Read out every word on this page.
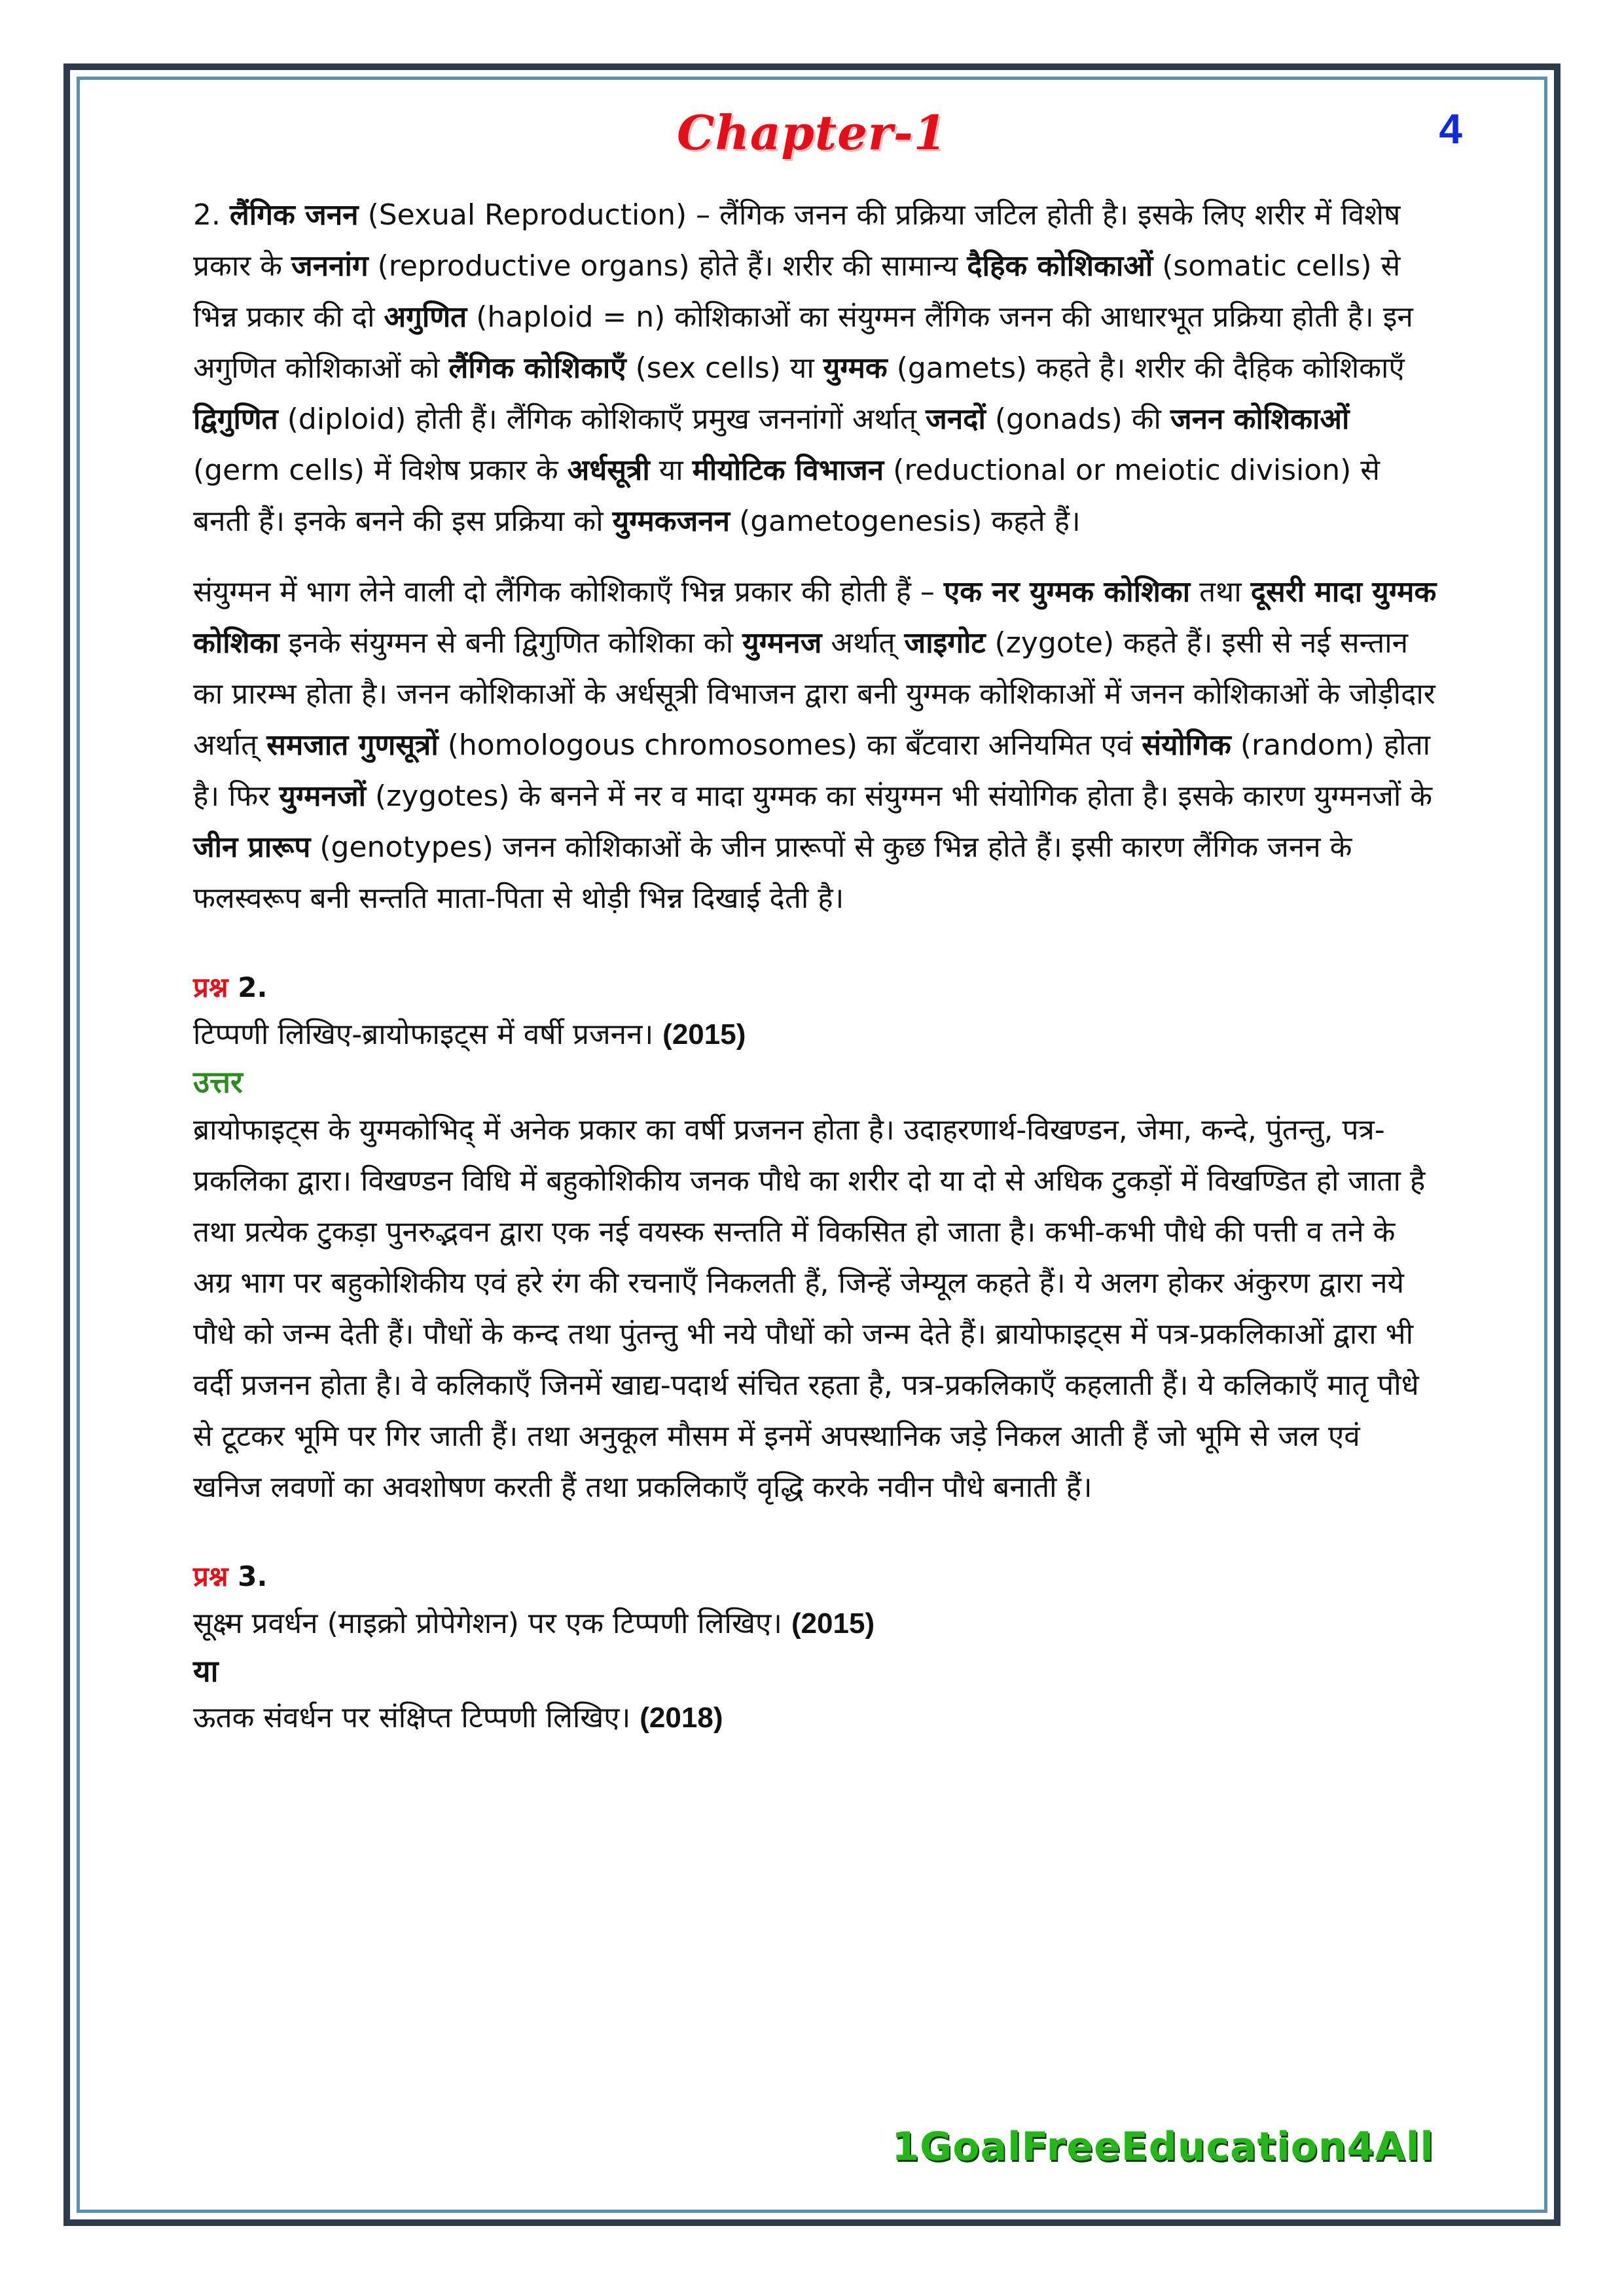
Chapter-1	4

2. लैंगिक जनन (Sexual Reproduction) – लैंगिक जनन की प्रक्रिया जटिल होती है। इसके लिए शरीर में विशेष प्रकार के जननांग (reproductive organs) होते हैं। शरीर की सामान्य दैहिक कोशिकाओं (somatic cells) से भिन्न प्रकार की दो अगुणित (haploid = n) कोशिकाओं का संयुग्मन लैंगिक जनन की आधारभूत प्रक्रिया होती है। इन अगुणित कोशिकाओं को लैंगिक कोशिकाएँ (sex cells) या युग्मक (gamets) कहते है। शरीर की दैहिक कोशिकाएँ द्विगुणित (diploid) होती हैं। लैंगिक कोशिकाएँ प्रमुख जननांगों अर्थात् जनदों (gonads) की जनन कोशिकाओं (germ cells) में विशेष प्रकार के अर्धसूत्री या मीयोटिक विभाजन (reductional or meiotic division) से बनती हैं। इनके बनने की इस प्रक्रिया को युग्मकजनन (gametogenesis) कहते हैं।

संयुग्मन में भाग लेने वाली दो लैंगिक कोशिकाएँ भिन्न प्रकार की होती हैं – एक नर युग्मक कोशिका तथा दूसरी मादा युग्मक कोशिका इनके संयुग्मन से बनी द्विगुणित कोशिका को युग्मनज अर्थात् जाइगोट (zygote) कहते हैं। इसी से नई सन्तान का प्रारम्भ होता है। जनन कोशिकाओं के अर्धसूत्री विभाजन द्वारा बनी युग्मक कोशिकाओं में जनन कोशिकाओं के जोड़ीदार अर्थात् समजात गुणसूत्रों (homologous chromosomes) का बँटवारा अनियमित एवं संयोगिक (random) होता है। फिर युग्मनजों (zygotes) के बनने में नर व मादा युग्मक का संयुग्मन भी संयोगिक होता है। इसके कारण युग्मनजों के जीन प्रारूप (genotypes) जनन कोशिकाओं के जीन प्रारूपों से कुछ भिन्न होते हैं। इसी कारण लैंगिक जनन के फलस्वरूप बनी सन्तति माता-पिता से थोड़ी भिन्न दिखाई देती है।

प्रश्न 2.
टिप्पणी लिखिए-ब्रायोफाइट्स में वर्षी प्रजनन। (2015)
उत्तर

ब्रायोफाइट्स के युग्मकोभिद् में अनेक प्रकार का वर्षी प्रजनन होता है। उदाहरणार्थ-विखण्डन, जेमा, कन्दे, पुंतन्तु, पत्र-प्रकलिका द्वारा। विखण्डन विधि में बहुकोशिकीय जनक पौधे का शरीर दो या दो से अधिक टुकड़ों में विखण्डित हो जाता है तथा प्रत्येक टुकड़ा पुनरुद्भवन द्वारा एक नई वयस्क सन्तति में विकसित हो जाता है। कभी-कभी पौधे की पत्ती व तने के अग्र भाग पर बहुकोशिकीय एवं हरे रंग की रचनाएँ निकलती हैं, जिन्हें जेम्यूल कहते हैं। ये अलग होकर अंकुरण द्वारा नये पौधे को जन्म देती हैं। पौधों के कन्द तथा पुंतन्तु भी नये पौधों को जन्म देते हैं। ब्रायोफाइट्स में पत्र-प्रकलिकाओं द्वारा भी वर्दी प्रजनन होता है। वे कलिकाएँ जिनमें खाद्य-पदार्थ संचित रहता है, पत्र-प्रकलिकाएँ कहलाती हैं। ये कलिकाएँ मातृ पौधे से टूटकर भूमि पर गिर जाती हैं। तथा अनुकूल मौसम में इनमें अपस्थानिक जड़े निकल आती हैं जो भूमि से जल एवं खनिज लवणों का अवशोषण करती हैं तथा प्रकलिकाएँ वृद्धि करके नवीन पौधे बनाती हैं।

प्रश्न 3.
सूक्ष्म प्रवर्धन (माइक्रो प्रोपेगेशन) पर एक टिप्पणी लिखिए। (2015)
या
ऊतक संवर्धन पर संक्षिप्त टिप्पणी लिखिए। (2018)
1GoalFreeEducation4All
